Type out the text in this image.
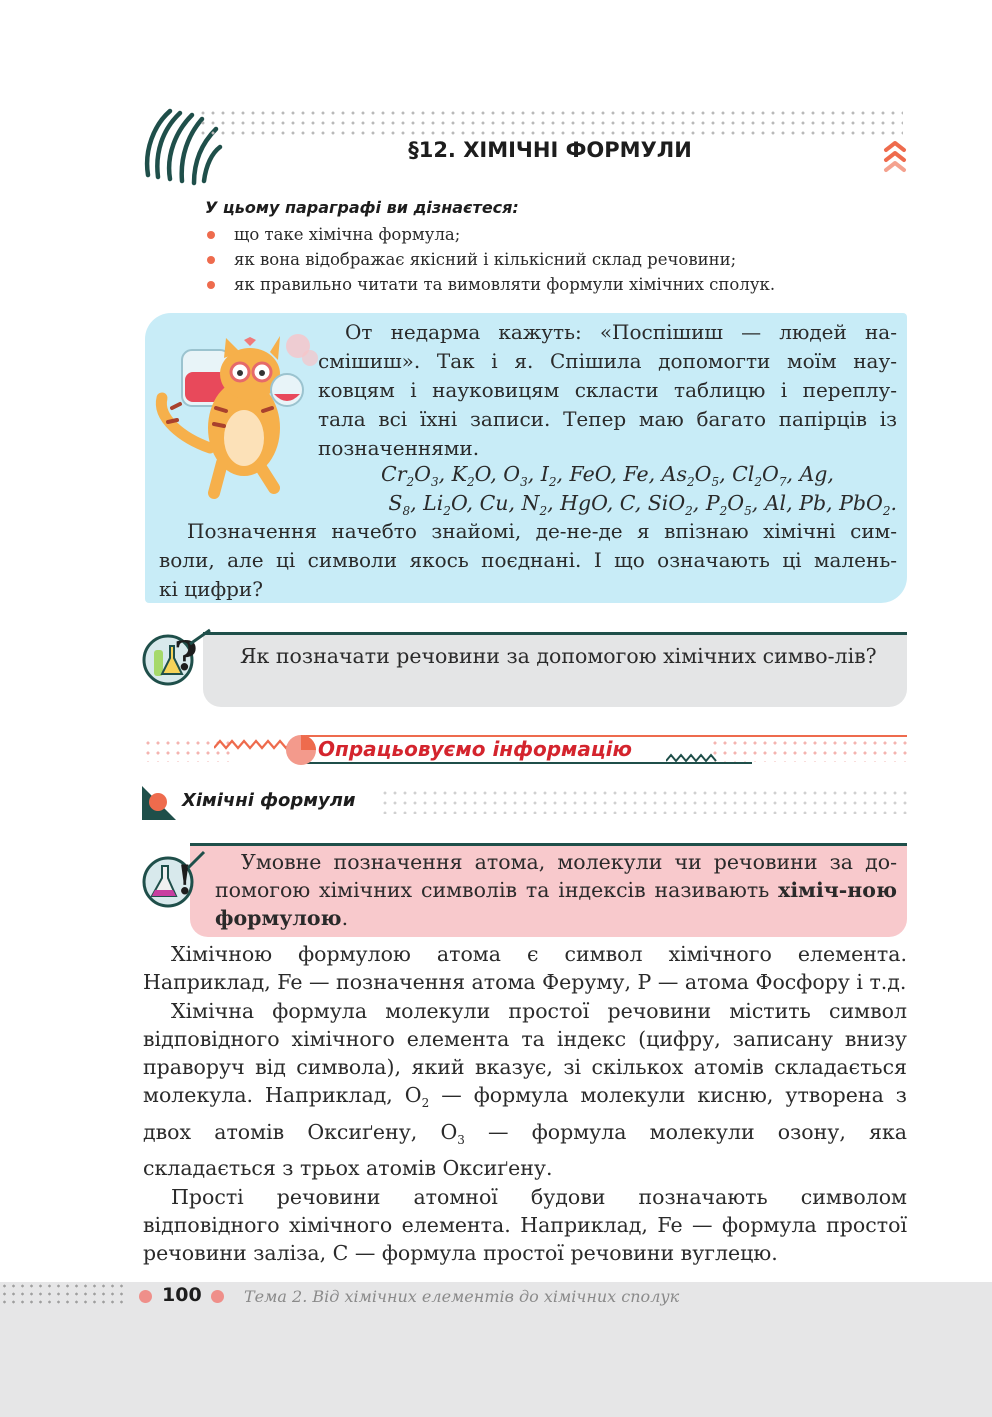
§12. ХІМІЧНІ ФОРМУЛИ
У цьому параграфі ви дізнаєтеся:
що таке хімічна формула;
як вона відображає якісний і кількісний склад речовини;
як правильно читати та вимовляти формули хімічних сполук.
От недарма кажуть: «Поспішиш — людей на-
смішиш». Так і я. Спішила допомогти моїм нау-
ковцям і науковицям скласти таблицю і переплу-
тала всі їхні записи. Тепер маю багато папірців із
позначеннями.
$Cr_2O_3$, $K_2O$, $O_3$, $I_2$, FeO, Fe, $As_2O_5$, $Cl_2O_7$, Ag,
$S_8$, $Li_2O$, Cu, $N_2$, HgO, C, SiO$_2$, $P_2O_5$, Al, Pb, PbO$_2$.
Позначення начебто знайомі, де-не-де я впізнаю хімічні сим-
воли, але ці символи якось поєднані. І що означають ці малень-
кі цифри?
?	Як позначати речовини за допомогою хімічних симво-лів?

Опрацьовуємо інформацію
Хімічні формули
!	Умовне позначення атома, молекули чи речовини за до-помогою хімічних символів та індексів називають хіміч-ною формулою.

Хімічною формулою атома є символ хімічного елемента. Наприклад, Fe — позначення атома Феруму, P — атома Фосфору і т.д.

Хімічна формула молекули простої речовини містить символ відповідного хімічного елемента та індекс (цифру, записану внизу праворуч від символа), який вказує, зі скількох атомів складається молекула. Наприклад, $O_2$ — формула молекули кисню, утворена з двох атомів Оксиґену, $O_3$ — формула молекули озону, яка складається з трьох атомів Оксиґену.

Прості речовини атомної будови позначають символом відповідного хімічного елемента. Наприклад, Fe — формула простої речовини заліза, C — формула простої речовини вуглецю.

100	Тема 2. Від хімічних елементів до хімічних сполук
